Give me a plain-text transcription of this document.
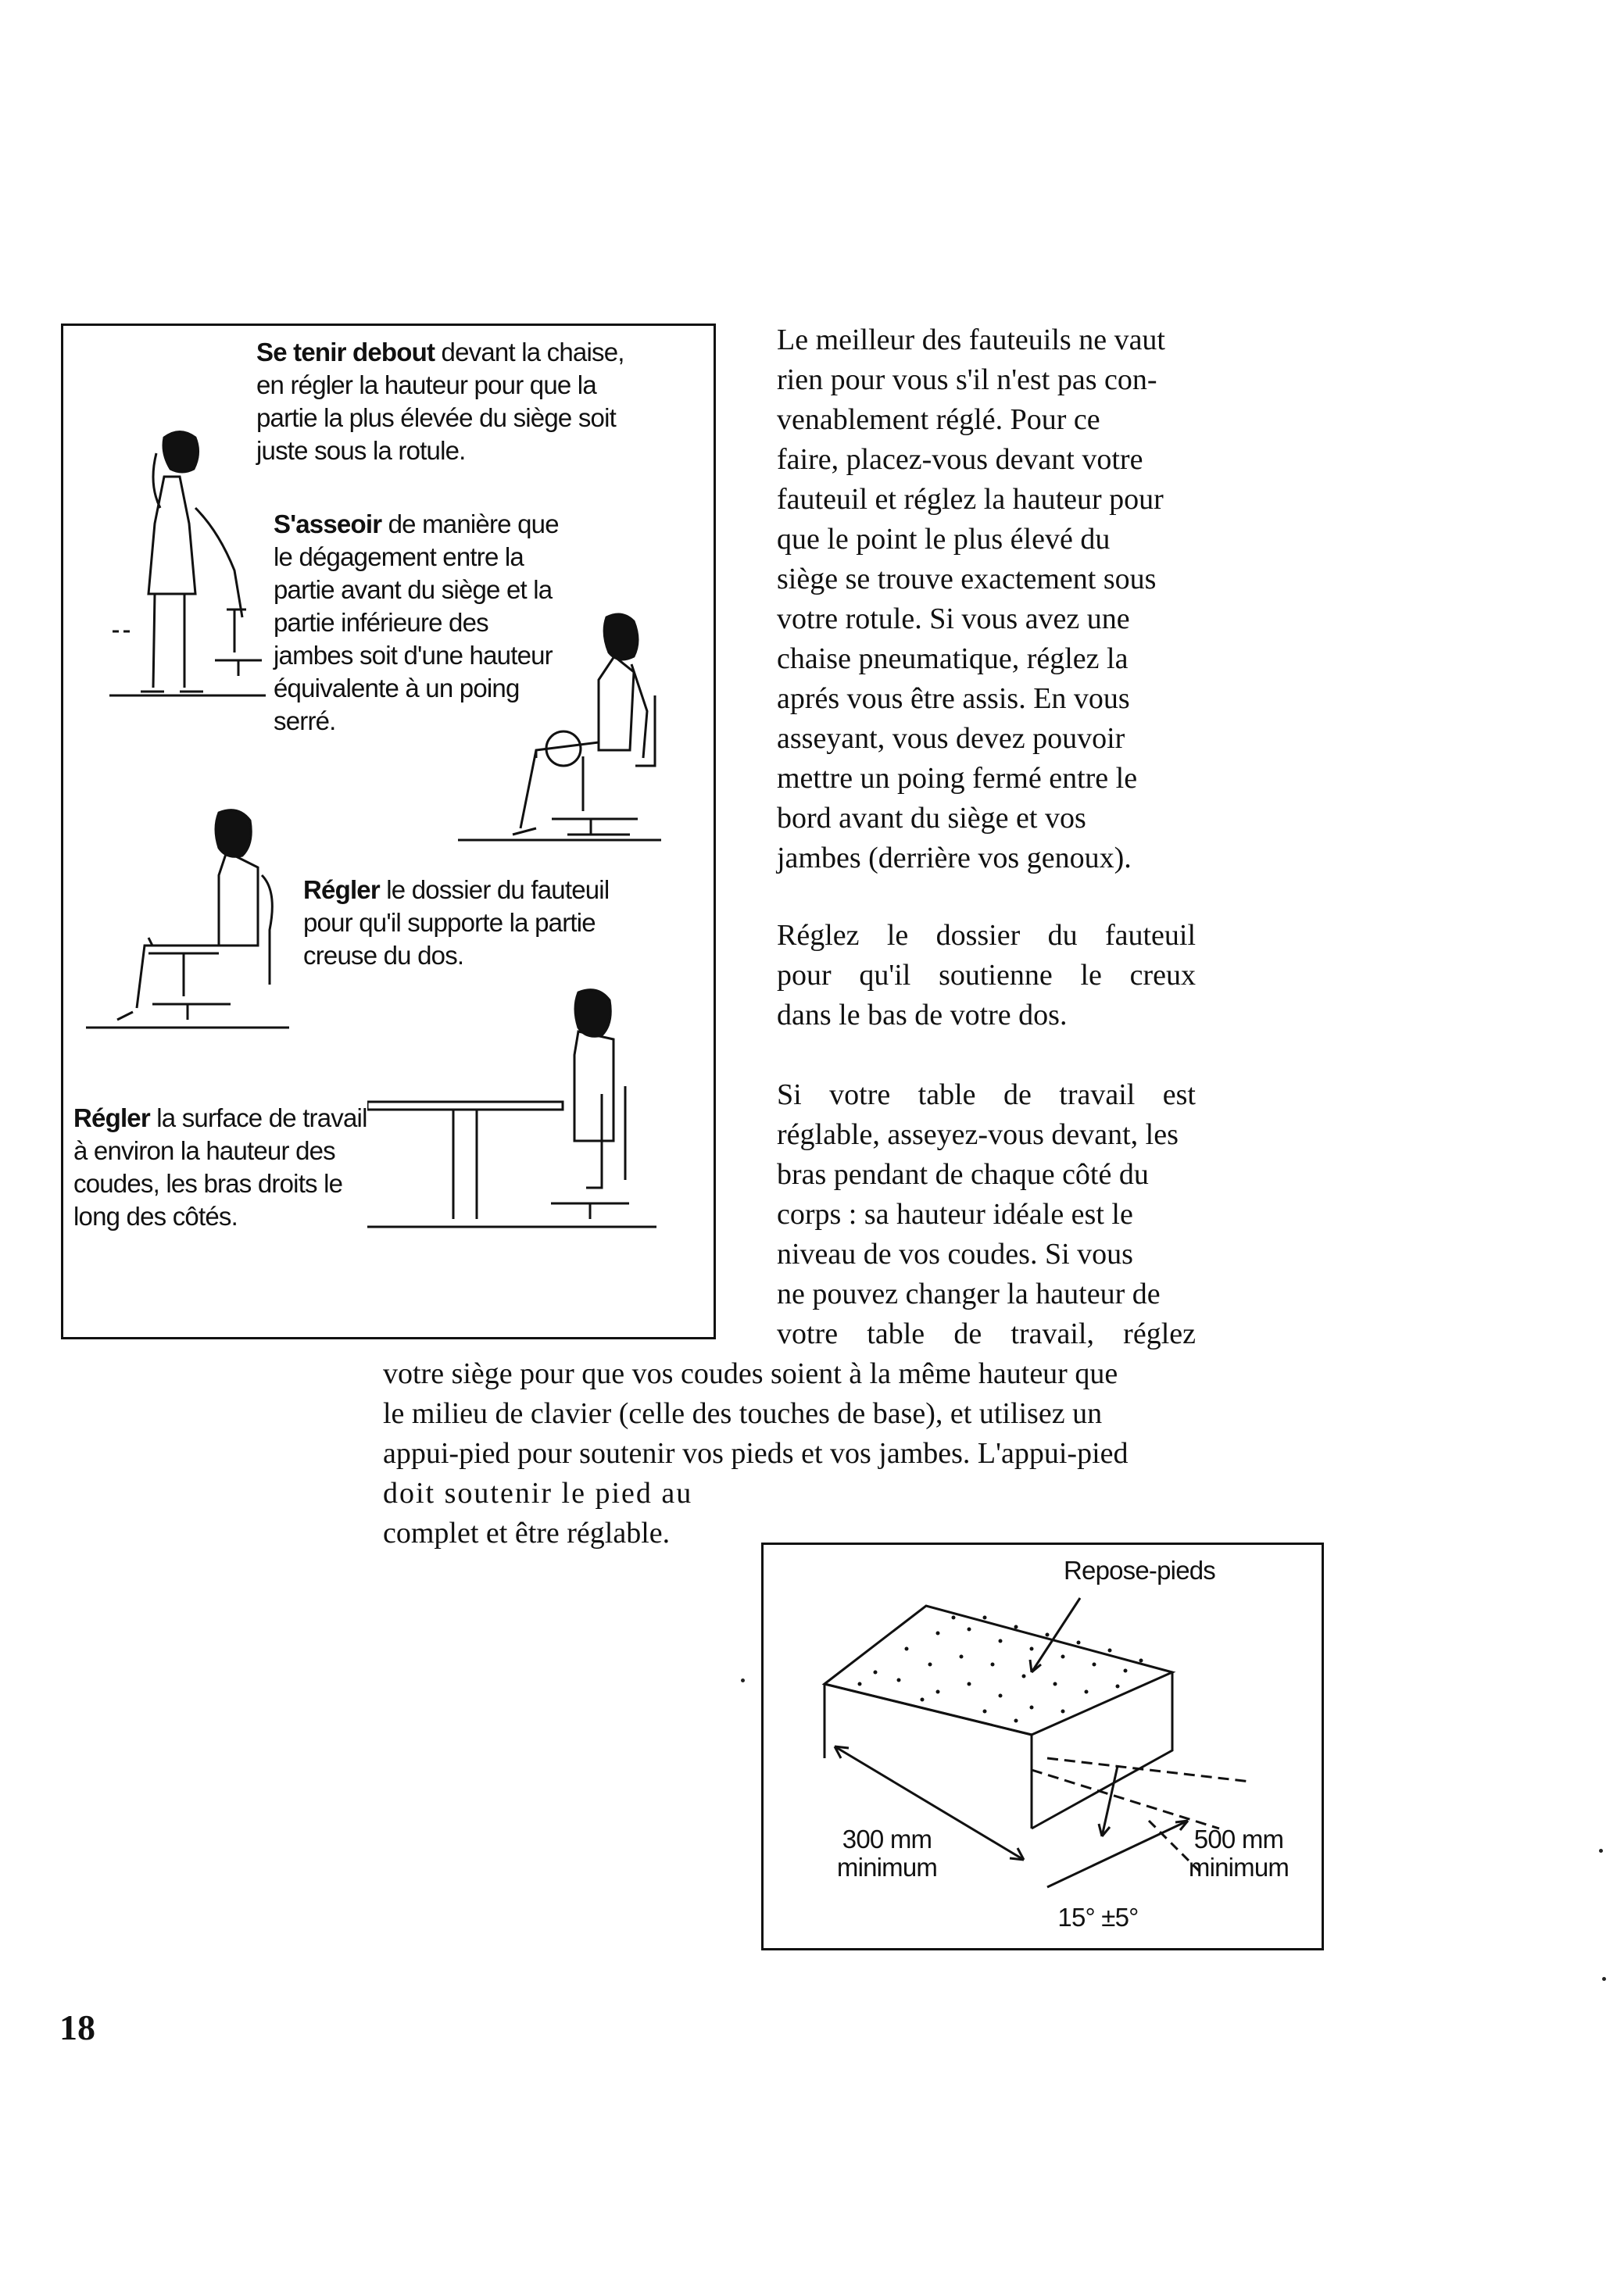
Se tenir debout devant la chaise, en régler la hauteur pour que la partie la plus élevée du siège soit juste sous la rotule.
S'asseoir de manière que le dégagement entre la partie avant du siège et la partie inférieure des jambes soit d'une hauteur équivalente à un poing serré.
Régler le dossier du fauteuil pour qu'il supporte la partie creuse du dos.
Régler la surface de travail à environ la hauteur des coudes, les bras droits le long des côtés.
Le meilleur des fauteuils ne vaut
rien pour vous s'il n'est pas con-
venablement réglé. Pour ce
faire, placez-vous devant votre
fauteuil et réglez la hauteur pour
que le point le plus élevé du
siège se trouve exactement sous
votre rotule. Si vous avez une
chaise pneumatique, réglez la
aprés vous être assis. En vous
asseyant, vous devez pouvoir
mettre un poing fermé entre le
bord avant du siège et vos
jambes (derrière vos genoux).
Réglez le dossier du fauteuil
pour qu'il soutienne le creux
dans le bas de votre dos.
Si votre table de travail est
réglable, asseyez-vous devant, les
bras pendant de chaque côté du
corps : sa hauteur idéale est le
niveau de vos coudes. Si vous
ne pouvez changer la hauteur de
votre table de travail, réglez
votre siège pour que vos coudes soient à la même hauteur que
le milieu de clavier (celle des touches de base), et utilisez un
appui-pied pour soutenir vos pieds et vos jambes. L'appui-pied
doit soutenir le pied au
complet et être réglable.
Repose-pieds
300 mm
minimum
500 mm
minimum
15° ±5°
18
